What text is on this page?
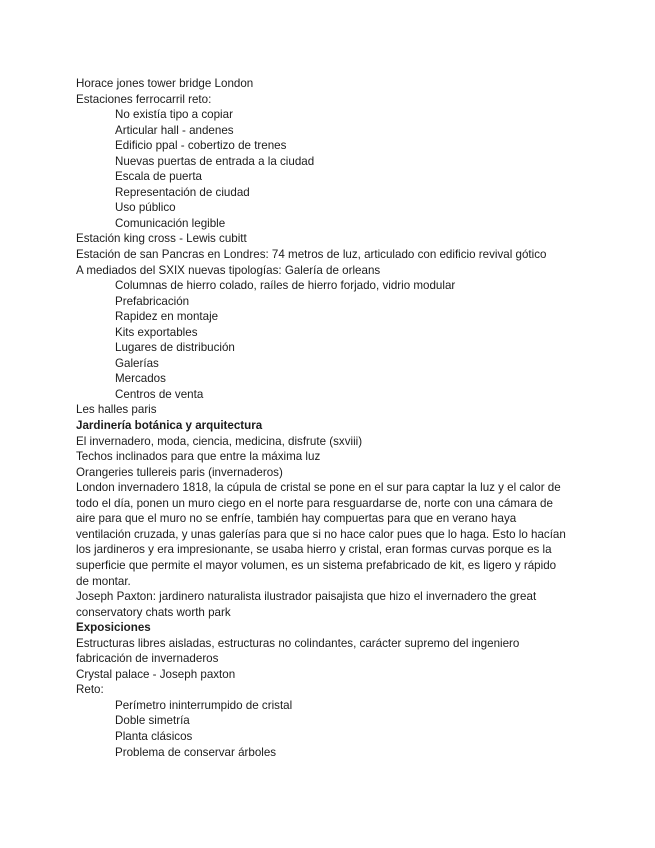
Horace jones tower bridge London

Estaciones ferrocarril reto:

No existía tipo a copiar
Articular hall - andenes
Edificio ppal - cobertizo de trenes
Nuevas puertas de entrada a la ciudad
Escala de puerta
Representación de ciudad
Uso público
Comunicación legible

Estación king cross - Lewis cubitt

Estación de san Pancras en Londres: 74 metros de luz, articulado con edificio revival gótico

A mediados del SXIX nuevas tipologías: Galería de orleans

Columnas de hierro colado, raíles de hierro forjado, vidrio modular
Prefabricación
Rapidez en montaje
Kits exportables
Lugares de distribución
Galerías
Mercados
Centros de venta

Les halles paris

Jardinería botánica y arquitectura

El invernadero, moda, ciencia, medicina, disfrute (sxviii)

Techos inclinados para que entre la máxima luz

Orangeries tullereis paris (invernaderos)

London invernadero 1818, la cúpula de cristal se pone en el sur para captar la luz y el calor de todo el día, ponen un muro ciego en el norte para resguardarse de, norte con una cámara de aire para que el muro no se enfríe, también hay compuertas para que en verano haya ventilación cruzada, y unas galerías para que si no hace calor pues que lo haga. Esto lo hacían los jardineros y era impresionante, se usaba hierro y cristal, eran formas curvas porque es la superficie que permite el mayor volumen, es un sistema prefabricado de kit, es ligero y rápido de montar.

Joseph Paxton: jardinero naturalista ilustrador paisajista que hizo el invernadero the great conservatory chats worth park

Exposiciones

Estructuras libres aisladas, estructuras no colindantes, carácter supremo del ingeniero fabricación de invernaderos

Crystal palace - Joseph paxton

Reto:

Perímetro ininterrumpido de cristal
Doble simetría
Planta clásicos
Problema de conservar árboles
